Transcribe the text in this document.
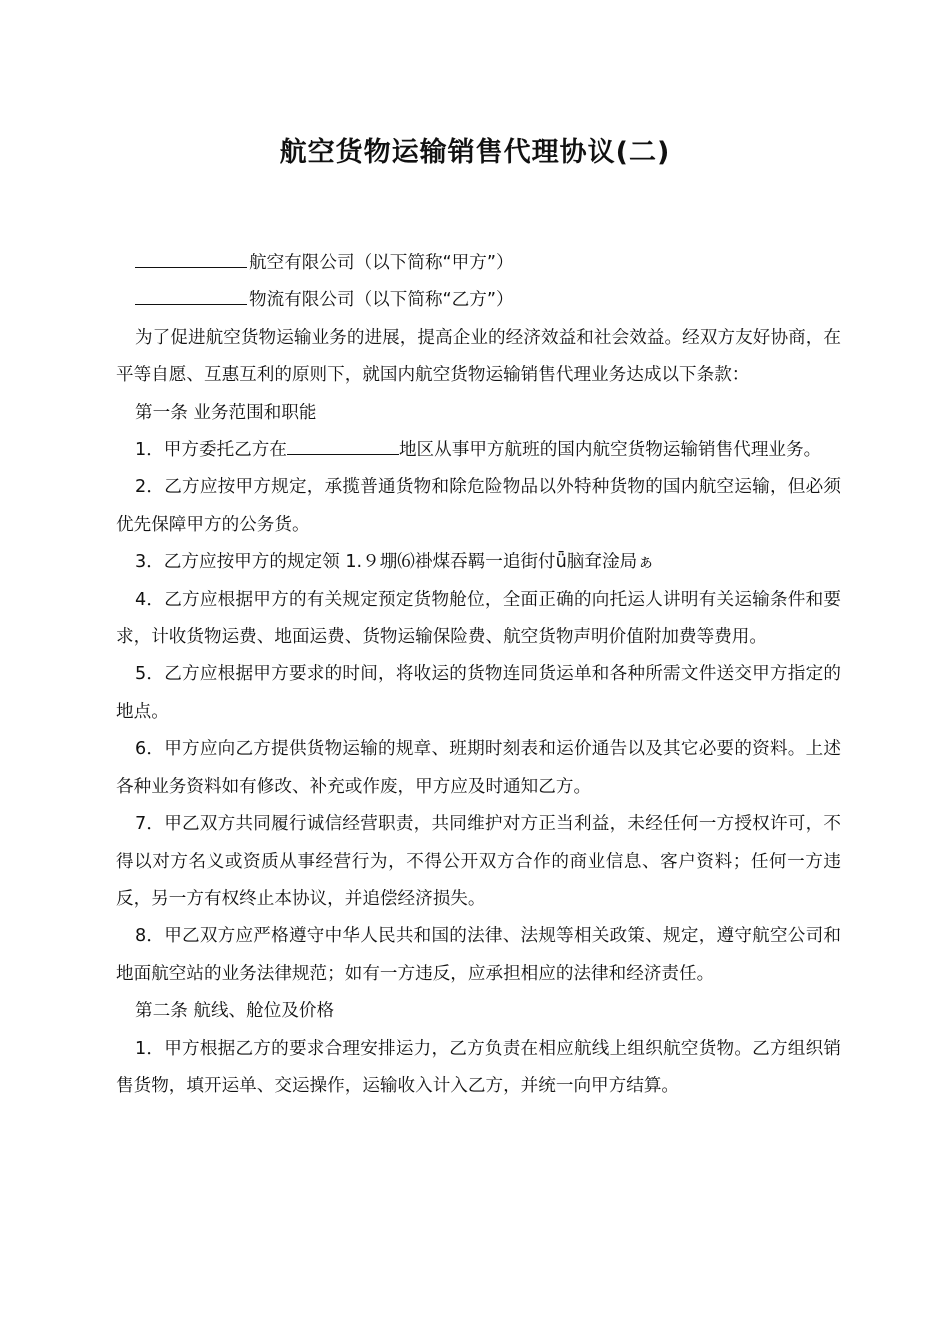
航空货物运输销售代理协议(二)

航空有限公司（以下简称“甲方”）

物流有限公司（以下简称“乙方”）

为了促进航空货物运输业务的进展，提高企业的经济效益和社会效益。经双方友好协商，在平等自愿、互惠互利的原则下，就国内航空货物运输销售代理业务达成以下条款：

第一条 业务范围和职能

1．甲方委托乙方在	地区从事甲方航班的国内航空货物运输销售代理业务。

2．乙方应按甲方规定，承揽普通货物和除危险物品以外特种货物的国内航空运输，但必须优先保障甲方的公务货。

3．乙方应按甲方的规定领 1.９堋⑹褂煤吞羁一追街付ǖ脑耷淦局ぁ

4．乙方应根据甲方的有关规定预定货物舱位，全面正确的向托运人讲明有关运输条件和要求，计收货物运费、地面运费、货物运输保险费、航空货物声明价值附加费等费用。

5．乙方应根据甲方要求的时间，将收运的货物连同货运单和各种所需文件送交甲方指定的地点。

6．甲方应向乙方提供货物运输的规章、班期时刻表和运价通告以及其它必要的资料。上述各种业务资料如有修改、补充或作废，甲方应及时通知乙方。

7．甲乙双方共同履行诚信经营职责，共同维护对方正当利益，未经任何一方授权许可，不得以对方名义或资质从事经营行为，不得公开双方合作的商业信息、客户资料；任何一方违反，另一方有权终止本协议，并追偿经济损失。

8．甲乙双方应严格遵守中华人民共和国的法律、法规等相关政策、规定，遵守航空公司和地面航空站的业务法律规范；如有一方违反，应承担相应的法律和经济责任。

第二条 航线、舱位及价格

1．甲方根据乙方的要求合理安排运力，乙方负责在相应航线上组织航空货物。乙方组织销售货物，填开运单、交运操作，运输收入计入乙方，并统一向甲方结算。
